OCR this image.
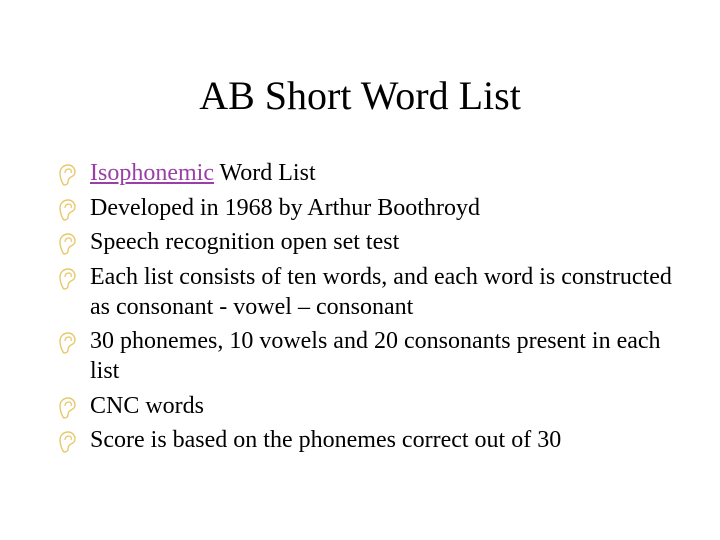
AB Short Word List
Isophonemic Word List
Developed in 1968 by Arthur Boothroyd
Speech recognition open set test
Each list consists of ten words, and each word is constructed as consonant - vowel – consonant
30 phonemes, 10 vowels and 20 consonants present in each list
CNC words
Score is based on the phonemes correct out of 30
